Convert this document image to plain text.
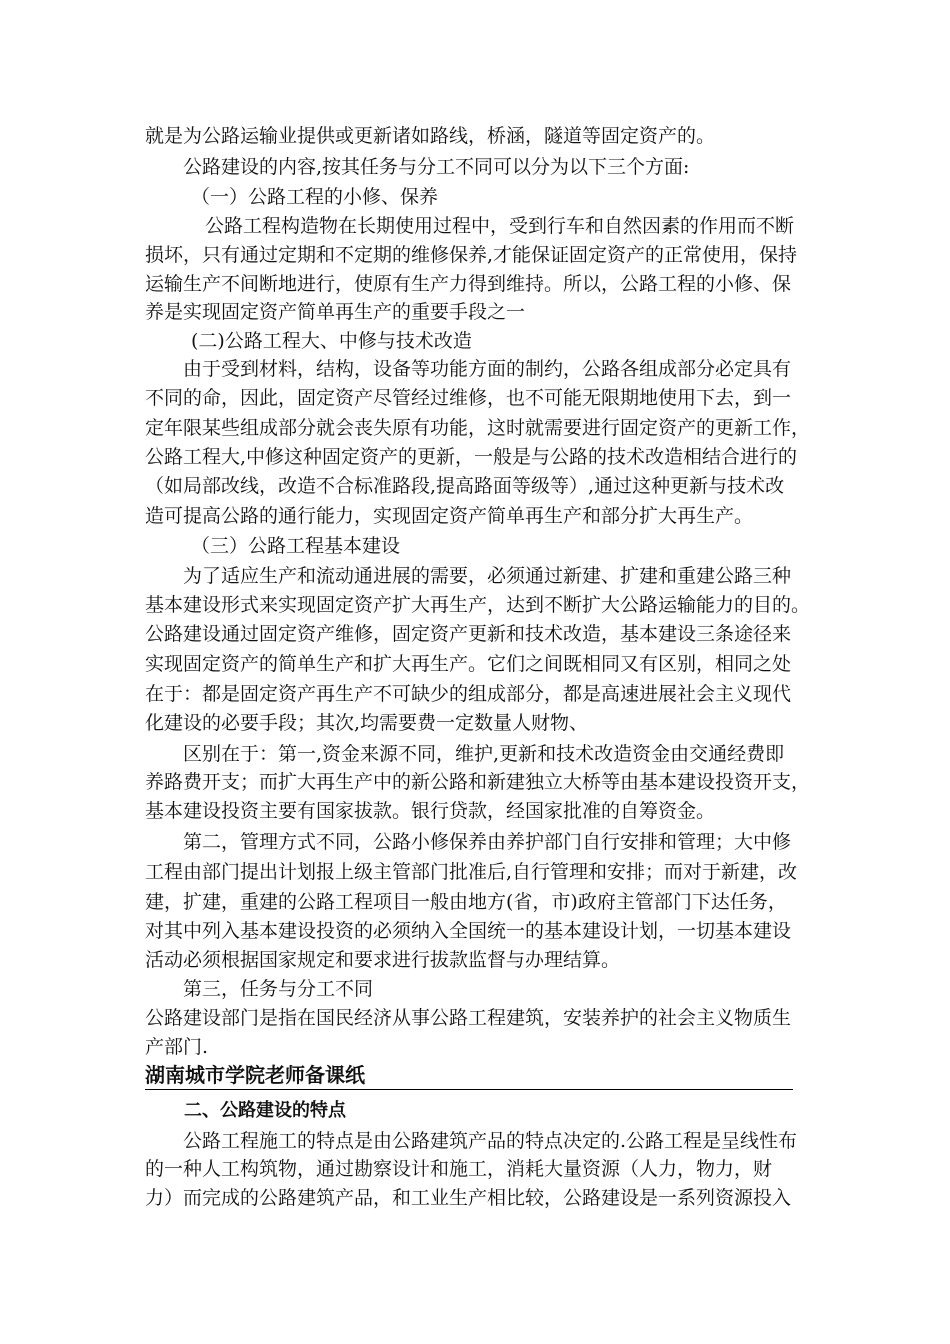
就是为公路运输业提供或更新诸如路线，桥涵，隧道等固定资产的。
公路建设的内容,按其任务与分工不同可以分为以下三个方面:
（一）公路工程的小修、保养
公路工程构造物在长期使用过程中，受到行车和自然因素的作用而不断
损坏，只有通过定期和不定期的维修保养,才能保证固定资产的正常使用，保持
运输生产不间断地进行，使原有生产力得到维持。所以，公路工程的小修、保
养是实现固定资产简单再生产的重要手段之一
(二)公路工程大、中修与技术改造
由于受到材料，结构，设备等功能方面的制约，公路各组成部分必定具有
不同的命，因此，固定资产尽管经过维修，也不可能无限期地使用下去，到一
定年限某些组成部分就会丧失原有功能，这时就需要进行固定资产的更新工作，
公路工程大,中修这种固定资产的更新，一般是与公路的技术改造相结合进行的
（如局部改线，改造不合标准路段,提高路面等级等）,通过这种更新与技术改
造可提高公路的通行能力，实现固定资产简单再生产和部分扩大再生产。
（三）公路工程基本建设
为了适应生产和流动通进展的需要，必须通过新建、扩建和重建公路三种
基本建设形式来实现固定资产扩大再生产，达到不断扩大公路运输能力的目的。
公路建设通过固定资产维修，固定资产更新和技术改造，基本建设三条途径来
实现固定资产的简单生产和扩大再生产。它们之间既相同又有区别，相同之处
在于：都是固定资产再生产不可缺少的组成部分，都是高速进展社会主义现代
化建设的必要手段；其次,均需要费一定数量人财物、
区别在于：第一,资金来源不同，维护,更新和技术改造资金由交通经费即
养路费开支；而扩大再生产中的新公路和新建独立大桥等由基本建设投资开支，
基本建设投资主要有国家拔款。银行贷款，经国家批准的自筹资金。
第二，管理方式不同，公路小修保养由养护部门自行安排和管理；大中修
工程由部门提出计划报上级主管部门批准后,自行管理和安排；而对于新建，改
建，扩建，重建的公路工程项目一般由地方(省，市)政府主管部门下达任务，
对其中列入基本建设投资的必须纳入全国统一的基本建设计划，一切基本建设
活动必须根据国家规定和要求进行拔款监督与办理结算。
第三，任务与分工不同
公路建设部门是指在国民经济从事公路工程建筑，安装养护的社会主义物质生
产部门.
湖南城市学院老师备课纸
二、公路建设的特点
公路工程施工的特点是由公路建筑产品的特点决定的.公路工程是呈线性布
的一种人工构筑物，通过勘察设计和施工，消耗大量资源（人力，物力，财
力）而完成的公路建筑产品，和工业生产相比较，公路建设是一系列资源投入
